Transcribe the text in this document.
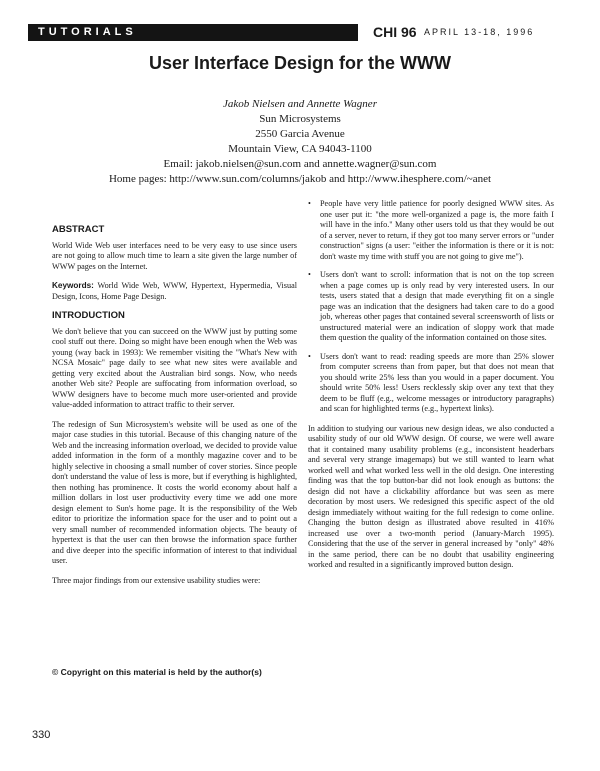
TUTORIALS	CHI 96 APRIL 13-18, 1996
User Interface Design for the WWW
Jakob Nielsen and Annette Wagner
Sun Microsystems
2550 Garcia Avenue
Mountain View, CA 94043-1100
Email: jakob.nielsen@sun.com and annette.wagner@sun.com
Home pages: http://www.sun.com/columns/jakob and http://www.ihesphere.com/~anet
ABSTRACT

World Wide Web user interfaces need to be very easy to use since users are not going to allow much time to learn a site given the large number of WWW pages on the Internet.

Keywords: World Wide Web, WWW, Hypertext, Hypermedia, Visual Design, Icons, Home Page Design.

INTRODUCTION

We don't believe that you can succeed on the WWW just by putting some cool stuff out there. Doing so might have been enough when the Web was young (way back in 1993): We remember visiting the "What's New with NCSA Mosaic" page daily to see what new sites were available and getting very excited about the Australian bird songs. Now, who needs another Web site? People are suffocating from information overload, so WWW designers have to become much more user-oriented and provide value-added information to attract traffic to their server.

The redesign of Sun Microsystem's website will be used as one of the major case studies in this tutorial. Because of this changing nature of the Web and the increasing information overload, we decided to provide value added information in the form of a monthly magazine cover and to be highly selective in choosing a small number of cover stories. Since people don't understand the value of less is more, but if everything is highlighted, then nothing has prominence. It costs the world economy about half a million dollars in lost user productivity every time we add one more design element to Sun's home page. It is the responsibility of the Web editor to prioritize the information space for the user and to point out a very small number of recommended information objects. The beauty of hypertext is that the user can then browse the information space further and dive deeper into the specific information of interest to that individual user.

Three major findings from our extensive usability studies were:

© Copyright on this material is held by the author(s)
• People have very little patience for poorly designed WWW sites. As one user put it: "the more well-organized a page is, the more faith I will have in the info." Many other users told us that they would be out of a server, never to return, if they got too many server errors or "under construction" signs (a user: "either the information is there or it is not: don't waste my time with stuff you are not going to give me").
• Users don't want to scroll: information that is not on the top screen when a page comes up is only read by very interested users. In our tests, users stated that a design that made everything fit on a single page was an indication that the designers had taken care to do a good job, whereas other pages that contained several screensworth of lists or unstructured material were an indication of sloppy work that made them question the quality of the information contained on those sites.
• Users don't want to read: reading speeds are more than 25% slower from computer screens than from paper, but that does not mean that you should write 25% less than you would in a paper document. You should write 50% less! Users recklessly skip over any text that they deem to be fluff (e.g., welcome messages or introductory paragraphs) and scan for highlighted terms (e.g., hypertext links).

In addition to studying our various new design ideas, we also conducted a usability study of our old WWW design. Of course, we were well aware that it contained many usability problems (e.g., inconsistent headerbars and several very strange imagemaps) but we still wanted to learn what worked well and what worked less well in the old design. One interesting finding was that the top button-bar did not look enough as buttons: the design did not have a clickability affordance but was seen as mere decoration by most users. We redesigned this specific aspect of the old design immediately without waiting for the full redesign to come online. Changing the button design as illustrated above resulted in 416% increased use over a two-month period (January-March 1995). Considering that the use of the server in general increased by "only" 48% in the same period, there can be no doubt that usability engineering worked and resulted in a significantly improved button design.

330
